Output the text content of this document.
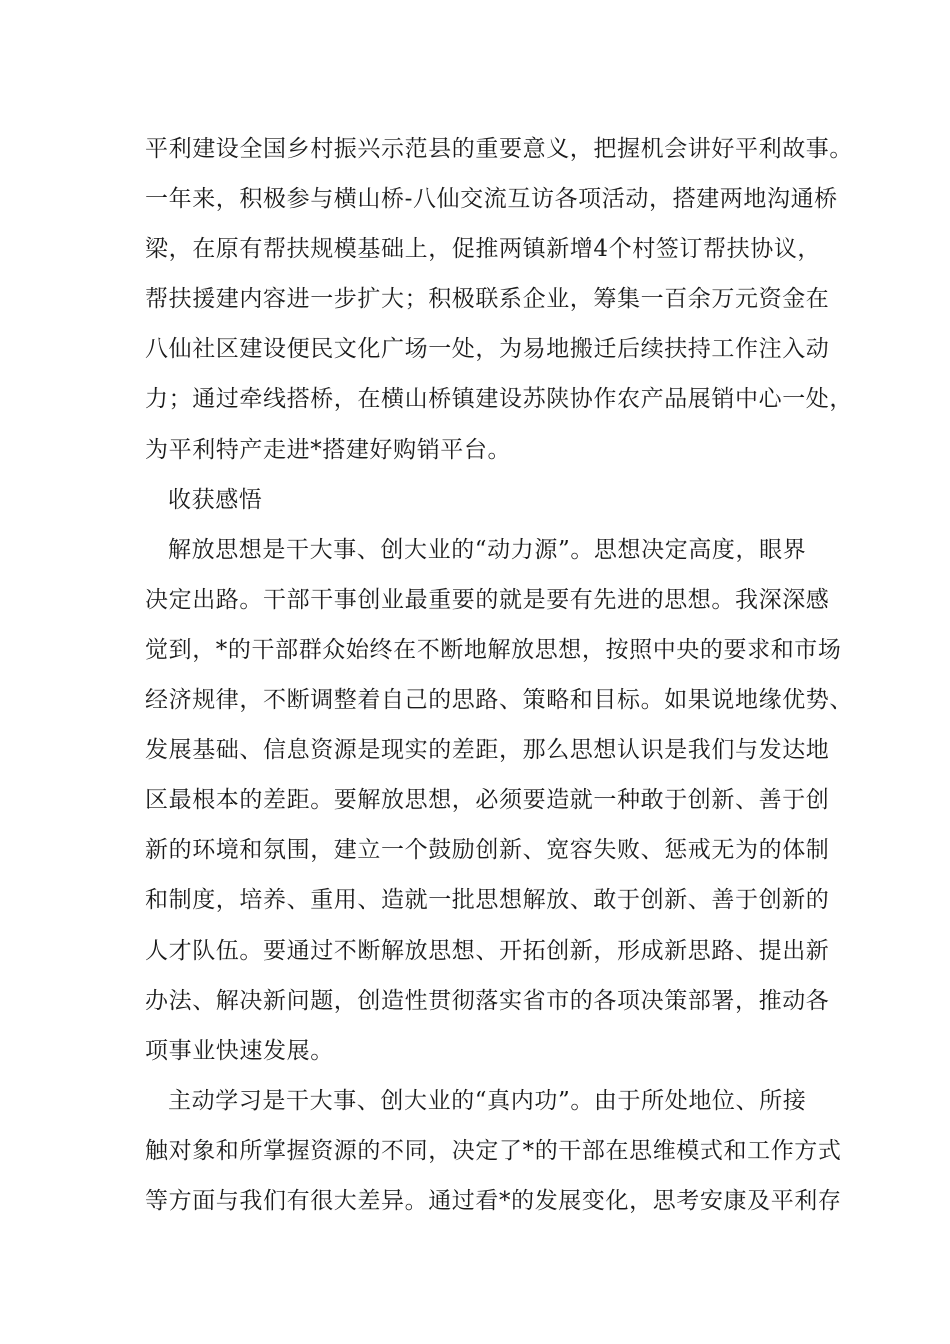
平利建设全国乡村振兴示范县的重要意义，把握机会讲好平利故事。
一年来，积极参与横山桥-八仙交流互访各项活动，搭建两地沟通桥
梁，在原有帮扶规模基础上，促推两镇新增4个村签订帮扶协议，
帮扶援建内容进一步扩大；积极联系企业，筹集一百余万元资金在
八仙社区建设便民文化广场一处，为易地搬迁后续扶持工作注入动
力；通过牵线搭桥，在横山桥镇建设苏陕协作农产品展销中心一处，
为平利特产走进*搭建好购销平台。
收获感悟
解放思想是干大事、创大业的“动力源”。思想决定高度，眼界
决定出路。干部干事创业最重要的就是要有先进的思想。我深深感
觉到，*的干部群众始终在不断地解放思想，按照中央的要求和市场
经济规律，不断调整着自己的思路、策略和目标。如果说地缘优势、
发展基础、信息资源是现实的差距，那么思想认识是我们与发达地
区最根本的差距。要解放思想，必须要造就一种敢于创新、善于创
新的环境和氛围，建立一个鼓励创新、宽容失败、惩戒无为的体制
和制度，培养、重用、造就一批思想解放、敢于创新、善于创新的
人才队伍。要通过不断解放思想、开拓创新，形成新思路、提出新
办法、解决新问题，创造性贯彻落实省市的各项决策部署，推动各
项事业快速发展。
主动学习是干大事、创大业的“真内功”。由于所处地位、所接
触对象和所掌握资源的不同，决定了*的干部在思维模式和工作方式
等方面与我们有很大差异。通过看*的发展变化，思考安康及平利存
